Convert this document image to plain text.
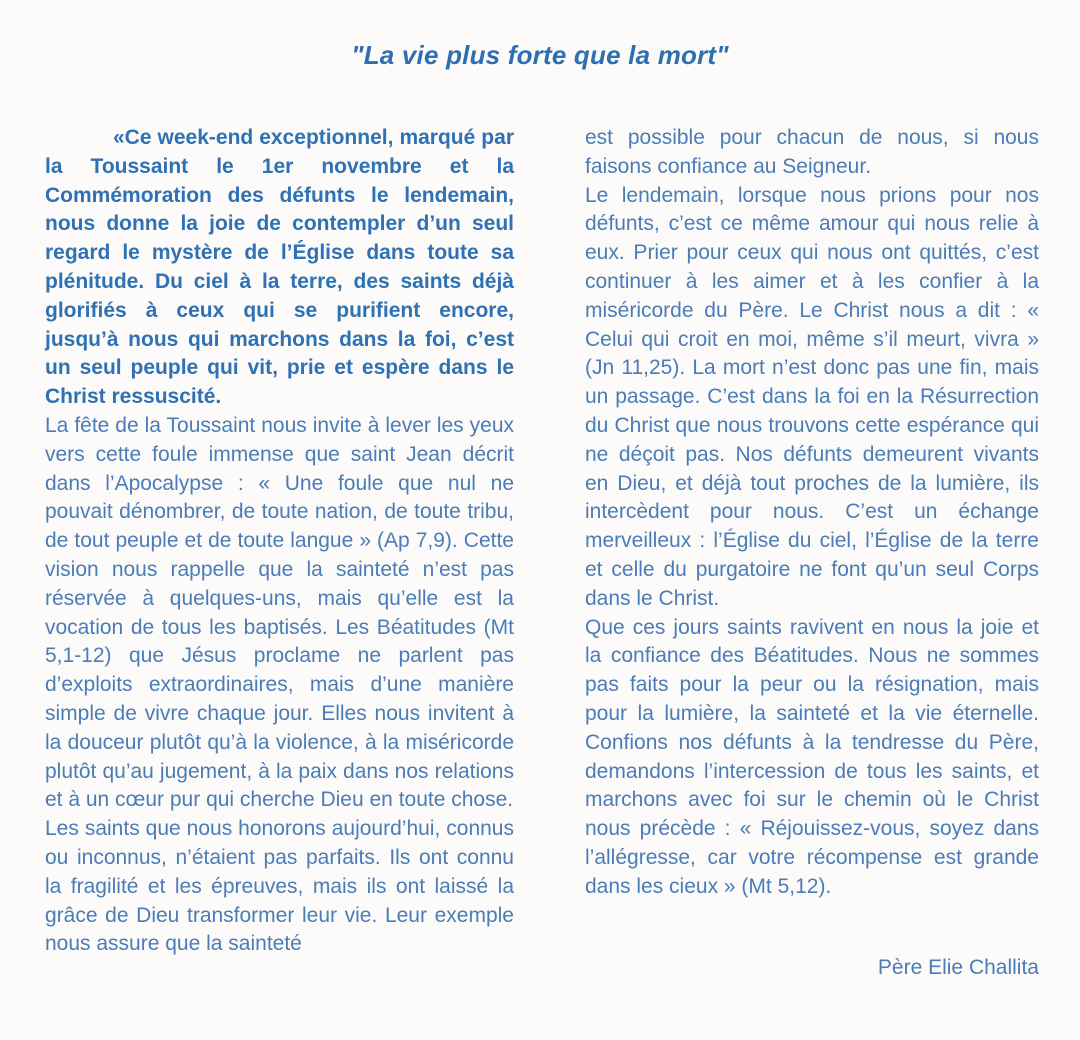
"La vie plus forte que la mort"

«Ce week-end exceptionnel, marqué par la Toussaint le 1er novembre et la Commémoration des défunts le lendemain, nous donne la joie de contempler d’un seul regard le mystère de l’Église dans toute sa plénitude. Du ciel à la terre, des saints déjà glorifiés à ceux qui se purifient encore, jusqu’à nous qui marchons dans la foi, c’est un seul peuple qui vit, prie et espère dans le Christ ressuscité.

La fête de la Toussaint nous invite à lever les yeux vers cette foule immense que saint Jean décrit dans l’Apocalypse : « Une foule que nul ne pouvait dénombrer, de toute nation, de toute tribu, de tout peuple et de toute langue » (Ap 7,9). Cette vision nous rappelle que la sainteté n’est pas réservée à quelques-uns, mais qu’elle est la vocation de tous les baptisés. Les Béatitudes (Mt 5,1-12) que Jésus proclame ne parlent pas d’exploits extraordinaires, mais d’une manière simple de vivre chaque jour. Elles nous invitent à la douceur plutôt qu’à la violence, à la miséricorde plutôt qu’au jugement, à la paix dans nos relations et à un cœur pur qui cherche Dieu en toute chose.

Les saints que nous honorons aujourd’hui, connus ou inconnus, n’étaient pas parfaits. Ils ont connu la fragilité et les épreuves, mais ils ont laissé la grâce de Dieu transformer leur vie. Leur exemple nous assure que la sainteté

est possible pour chacun de nous, si nous faisons confiance au Seigneur.

Le lendemain, lorsque nous prions pour nos défunts, c’est ce même amour qui nous relie à eux. Prier pour ceux qui nous ont quittés, c’est continuer à les aimer et à les confier à la miséricorde du Père. Le Christ nous a dit : « Celui qui croit en moi, même s’il meurt, vivra » (Jn 11,25). La mort n’est donc pas une fin, mais un passage. C’est dans la foi en la Résurrection du Christ que nous trouvons cette espérance qui ne déçoit pas. Nos défunts demeurent vivants en Dieu, et déjà tout proches de la lumière, ils intercèdent pour nous. C’est un échange merveilleux : l’Église du ciel, l’Église de la terre et celle du purgatoire ne font qu’un seul Corps dans le Christ.

Que ces jours saints ravivent en nous la joie et la confiance des Béatitudes. Nous ne sommes pas faits pour la peur ou la résignation, mais pour la lumière, la sainteté et la vie éternelle. Confions nos défunts à la tendresse du Père, demandons l’intercession de tous les saints, et marchons avec foi sur le chemin où le Christ nous précède : « Réjouissez-vous, soyez dans l’allégresse, car votre récompense est grande dans les cieux » (Mt 5,12).

Père Elie Challita
